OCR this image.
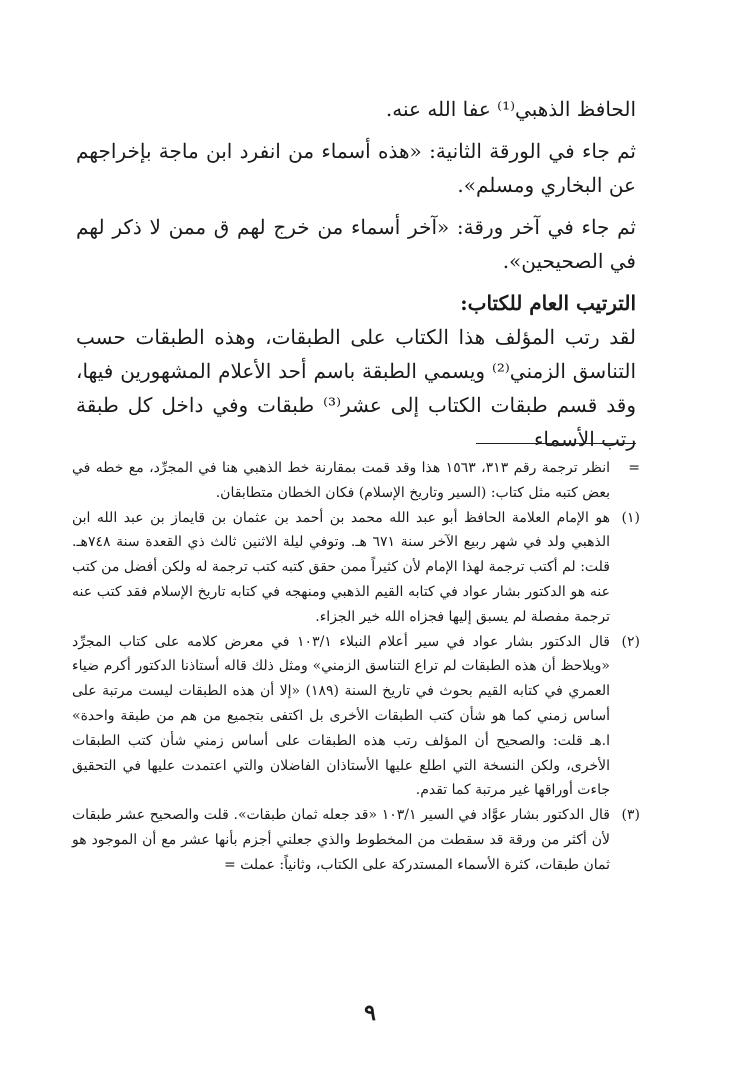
الحافظ الذهبي⁽¹⁾ عفا الله عنه.

ثم جاء في الورقة الثانية: «هذه أسماء من انفرد ابن ماجة بإخراجهم عن البخاري ومسلم».

ثم جاء في آخر ورقة: «آخر أسماء من خرج لهم ق ممن لا ذكر لهم في الصحيحين».

الترتيب العام للكتاب:

لقد رتب المؤلف هذا الكتاب على الطبقات، وهذه الطبقات حسب التناسق الزمني⁽²⁾ ويسمي الطبقة باسم أحد الأعلام المشهورين فيها، وقد قسم طبقات الكتاب إلى عشر⁽³⁾ طبقات وفي داخل كل طبقة رتب الأسماء

=
انظر ترجمة رقم ٣١٣، ١٥٦٣ هذا وقد قمت بمقارنة خط الذهبي هنا في المجرِّد، مع خطه في بعض كتبه مثل كتاب: (السير وتاريخ الإسلام) فكان الخطان متطابقان.
(١)
هو الإمام العلامة الحافظ أبو عبد الله محمد بن أحمد بن عثمان بن قايماز بن عبد الله ابن الذهبي ولد في شهر ربيع الآخر سنة ٦٧١ هـ. وتوفي ليلة الاثنين ثالث ذي القعدة سنة ٧٤٨هـ. قلت: لم أكتب ترجمة لهذا الإمام لأن كثيراً ممن حقق كتبه كتب ترجمة له ولكن أفضل من كتب عنه هو الدكتور بشار عواد في كتابه القيم الذهبي ومنهجه في كتابه تاريخ الإسلام فقد كتب عنه ترجمة مفصلة لم يسبق إليها فجزاه الله خير الجزاء.
(٢)
قال الدكتور بشار عواد في سير أعلام النبلاء ١٠٣/١ في معرض كلامه على كتاب المجرِّد «ويلاحظ أن هذه الطبقات لم تراع التناسق الزمني» ومثل ذلك قاله أستاذنا الدكتور أكرم ضياء العمري في كتابه القيم بحوث في تاريخ السنة (١٨٩) «إلا أن هذه الطبقات ليست مرتبة على أساس زمني كما هو شأن كتب الطبقات الأخرى بل اكتفى بتجميع من هم من طبقة واحدة» ا.هـ قلت: والصحيح أن المؤلف رتب هذه الطبقات على أساس زمني شأن كتب الطبقات الأخرى، ولكن النسخة التي اطلع عليها الأستاذان الفاضلان والتي اعتمدت عليها في التحقيق جاءت أوراقها غير مرتبة كما تقدم.
(٣)
قال الدكتور بشار عوَّاد في السير ١٠٣/١ «قد جعله ثمان طبقات». قلت والصحيح عشر طبقات لأن أكثر من ورقة قد سقطت من المخطوط والذي جعلني أجزم بأنها عشر مع أن الموجود هو ثمان طبقات، كثرة الأسماء المستدركة على الكتاب، وثانياً: عملت =
٩
